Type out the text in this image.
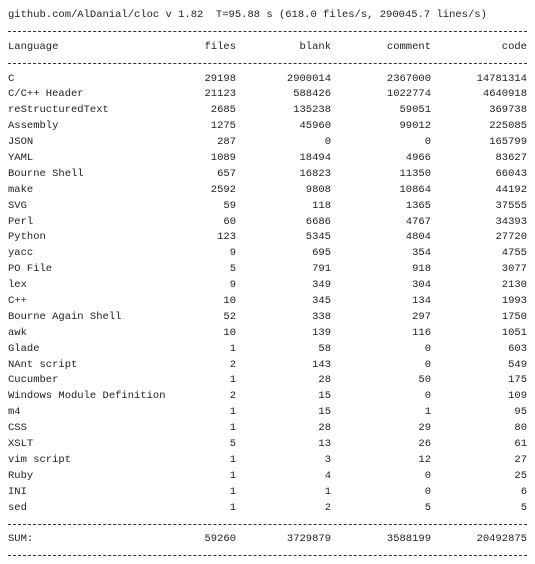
github.com/AlDanial/cloc v 1.82  T=95.88 s (618.0 files/s, 290045.7 lines/s)
Language	files	blank	comment	code
C	29198	2900014	2367000	14781314
C/C++ Header	21123	588426	1022774	4640918
reStructuredText	2685	135238	59051	369738
Assembly	1275	45960	99012	225085
JSON	287	0	0	165799
YAML	1089	18494	4966	83627
Bourne Shell	657	16823	11350	66043
make	2592	9808	10864	44192
SVG	59	118	1365	37555
Perl	60	6686	4767	34393
Python	123	5345	4804	27720
yacc	9	695	354	4755
PO File	5	791	918	3077
lex	9	349	304	2130
C++	10	345	134	1993
Bourne Again Shell	52	338	297	1750
awk	10	139	116	1051
Glade	1	58	0	603
NAnt script	2	143	0	549
Cucumber	1	28	50	175
Windows Module Definition	2	15	0	109
m4	1	15	1	95
CSS	1	28	29	80
XSLT	5	13	26	61
vim script	1	3	12	27
Ruby	1	4	0	25
INI	1	1	0	6
sed	1	2	5	5
SUM:	59260	3729879	3588199	20492875
